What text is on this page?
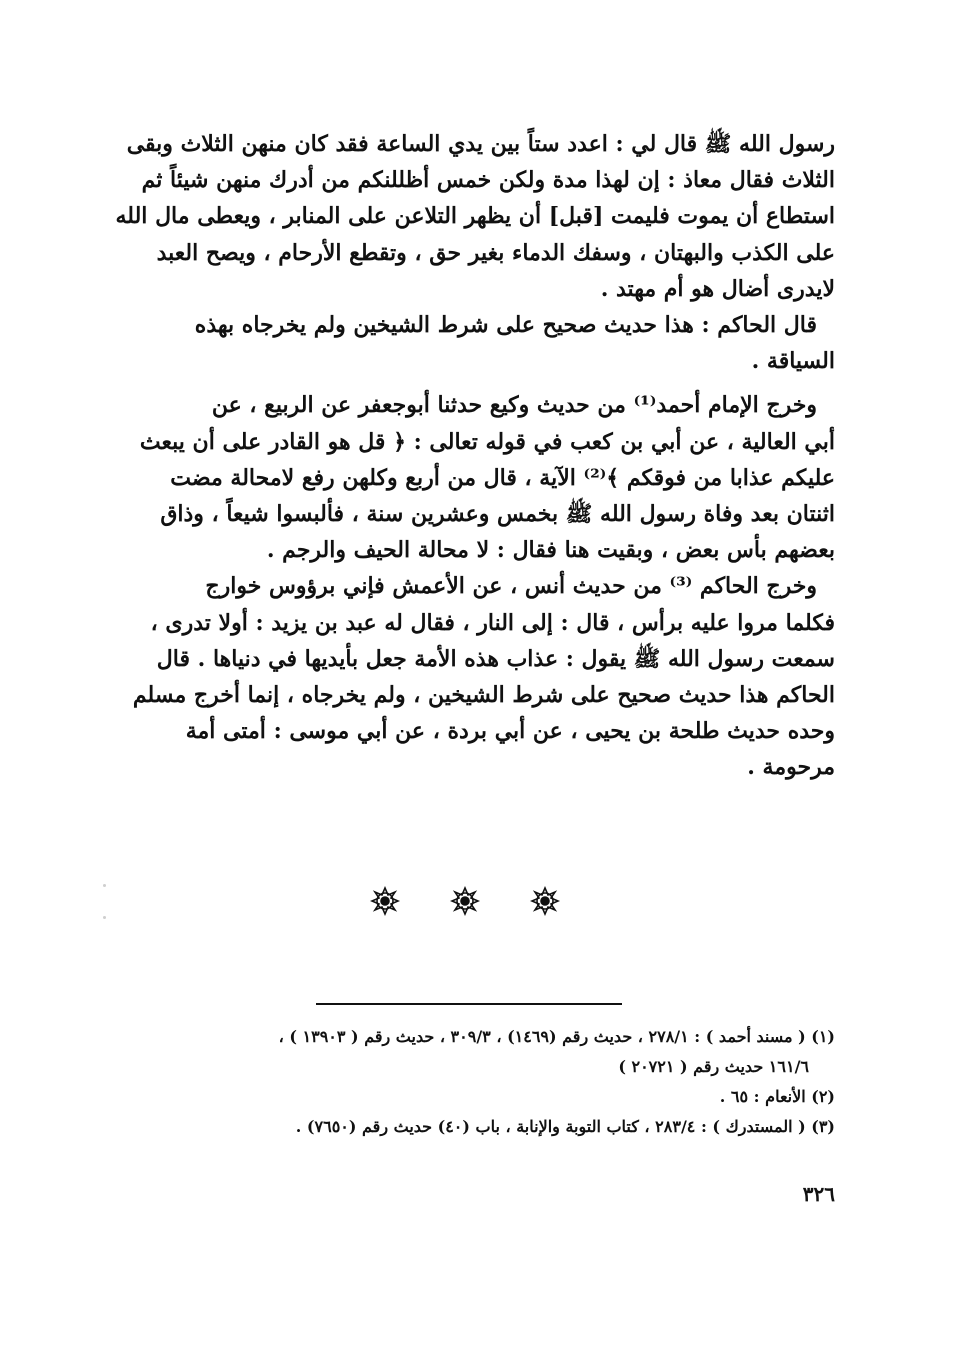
رسول الله ﷺ قال لي : اعدد ستاً بين يدي الساعة فقد كان منهن الثلاث وبقى
الثلاث فقال معاذ : إن لهذا مدة ولكن خمس أظللنكم من أدرك منهن شيئاً ثم
استطاع أن يموت فليمت [قبل] أن يظهر التلاعن على المنابر ، ويعطى مال الله
على الكذب والبهتان ، وسفك الدماء بغير حق ، وتقطع الأرحام ، ويصح العبد
لايدرى أضال هو أم مهتد .
قال الحاكم : هذا حديث صحيح على شرط الشيخين ولم يخرجاه بهذه
السياقة .
وخرج الإمام أحمد⁽¹⁾ من حديث وكيع حدثنا أبوجعفر عن الربيع ، عن
أبي العالية ، عن أبي بن كعب في قوله تعالى : ﴿ قل هو القادر على أن يبعث
عليكم عذابا من فوقكم ﴾⁽²⁾ الآية ، قال من أربع وكلهن رفع لامحالة مضت
اثنتان بعد وفاة رسول الله ﷺ بخمس وعشرين سنة ، فألبسوا شيعاً ، وذاق
بعضهم بأس بعض ، وبقيت هنا فقال : لا محالة الحيف والرجم .
وخرج الحاكم ⁽³⁾ من حديث أنس ، عن الأعمش فإني برؤوس خوارج
فكلما مروا عليه برأس ، قال : إلى النار ، فقال له عبد بن يزيد : أولا تدرى ،
سمعت رسول الله ﷺ يقول : عذاب هذه الأمة جعل بأيديها في دنياها . قال
الحاكم هذا حديث صحيح على شرط الشيخين ، ولم يخرجاه ، إنما أخرج مسلم
وحده حديث طلحة بن يحيى ، عن أبي بردة ، عن أبي موسى : أمتى أمة
مرحومة .
(١) ( مسند أحمد ) : ٢٧٨/١ ، حديث رقم (١٤٦٩) ، ٣٠٩/٣ ، حديث رقم ( ١٣٩٠٣ ) ،
١٦١/٦ حديث رقم ( ٢٠٧٢١ )
(٢) الأنعام : ٦٥ .
(٣) ( المستدرك ) : ٢٨٣/٤ ، كتاب التوبة والإنابة ، باب (٤٠) حديث رقم (٧٦٥٠) .
٣٢٦
